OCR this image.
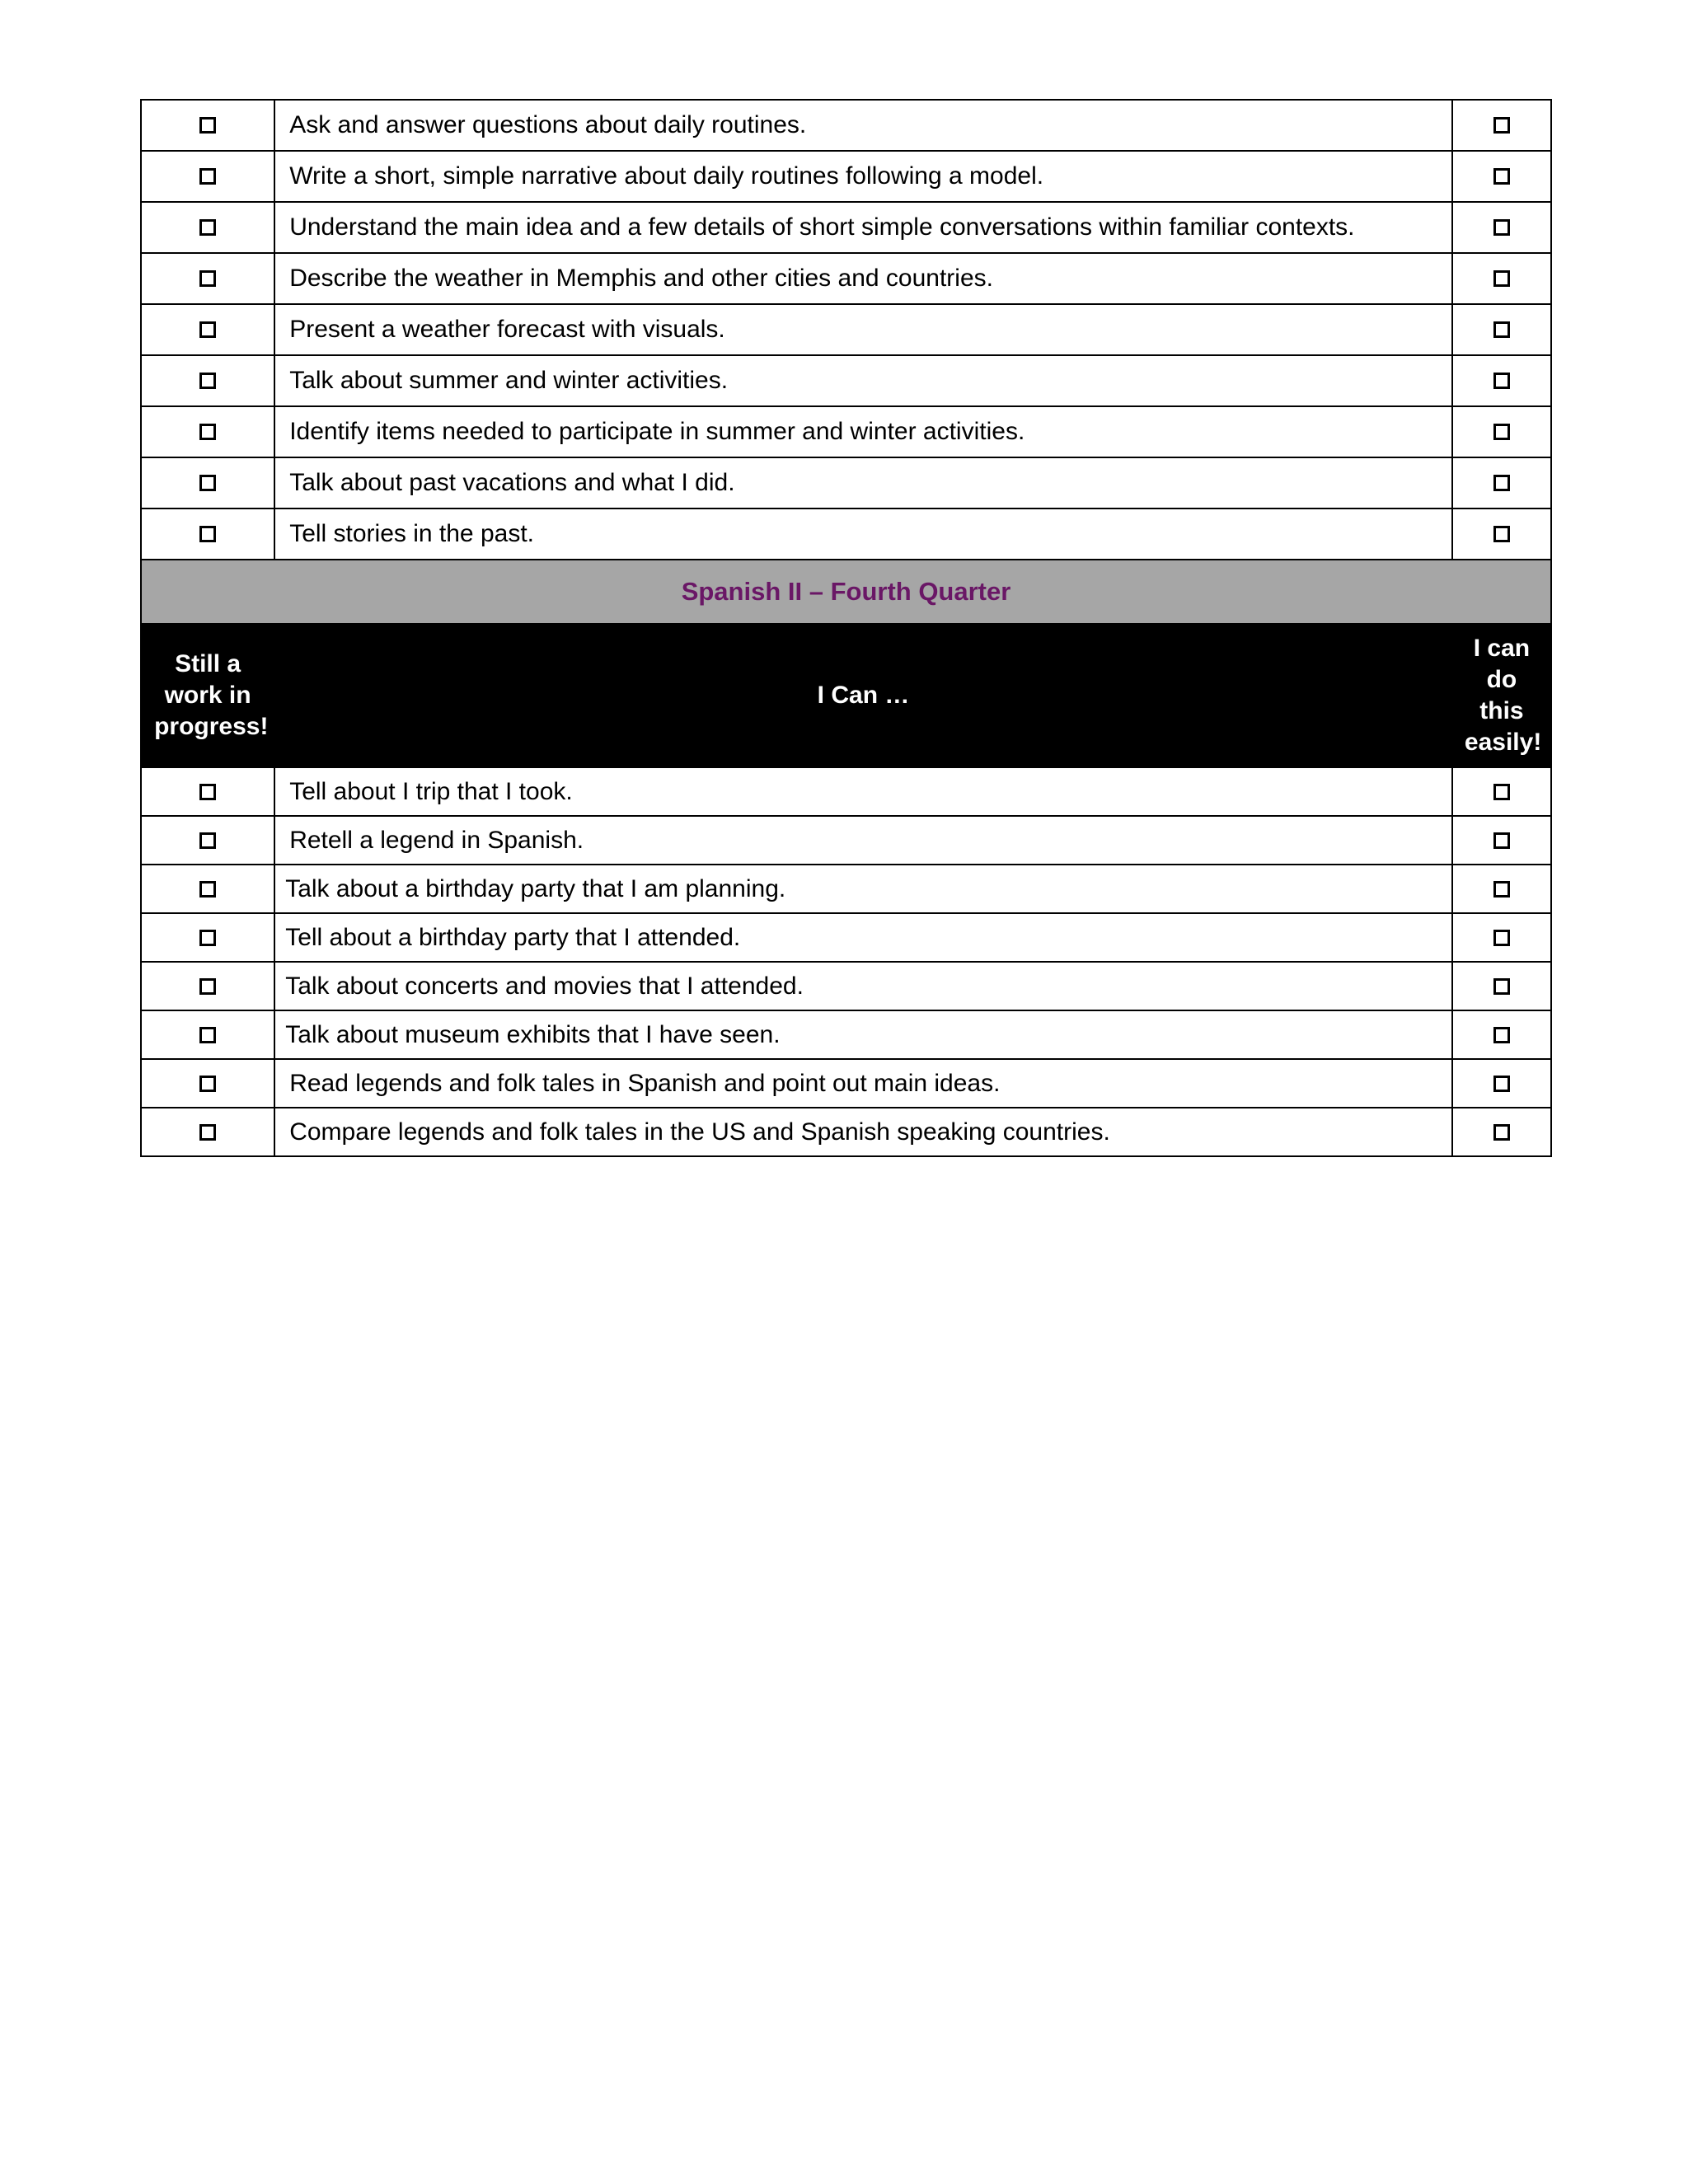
	Ask and answer questions about daily routines.	
	Write a short, simple narrative about daily routines following a model.	
	Understand the main idea and a few details of short simple conversations within familiar contexts.	
	Describe the weather in Memphis and other cities and countries.	
	Present a weather forecast with visuals.	
	Talk about summer and winter activities.	
	Identify items needed to participate in summer and winter activities.	
	Talk about past vacations and what I did.	
	Tell stories in the past.	
Spanish II – Fourth Quarter		

Still a work in progress!	I Can …	I can do this easily!

	Tell about I trip that I took.	
	Retell a legend in Spanish.	
	Talk about a birthday party that I am planning.	
	Tell about a birthday party that I attended.	
	Talk about concerts and movies that I attended.	
	Talk about museum exhibits that I have seen.	
	Read legends and folk tales in Spanish and point out main ideas.	
	Compare legends and folk tales in the US and Spanish speaking countries.	
